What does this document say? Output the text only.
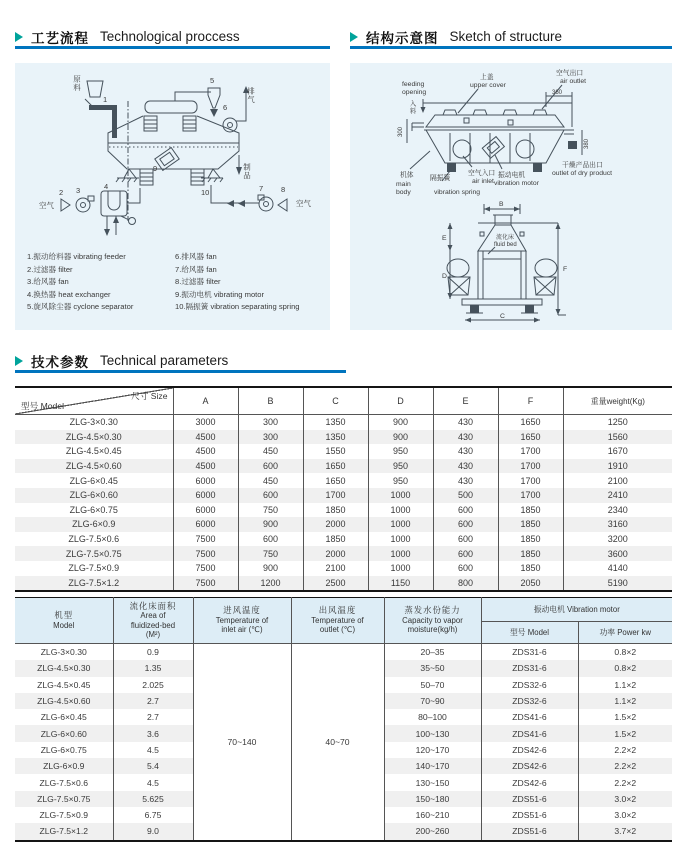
工艺流程 Technological proccess	结构示意图 Sketch of structure
原料
1
9
5
6
排气
10
空气
2 3	4
空气
8
7
制品
1.振动给料器 vibrating feeder
2.过滤器 filter
3.给风器 fan
4.换热器 heat exchanger
5.旋风除尘器 cyclone separator
6.排风器 fan
7.给风器 fan
8.过滤器 filter
9.振动电机 vibrating motor
10.隔振簧 vibration separating spring
feeding
opening
入料
上盖
upper cover
空气出口
air outlet
360
300
380
机体
main
body
隔振簧
vibration spring
空气入口
air inlet
振动电机
vibration motor
干燥产品出口
outlet of dry product
B
流化床
fluid bed
E
D
F
C
技术参数 Technical parameters
尺寸 Size
型号 Model	A	B	C	D	E	F	重量weight(Kg)
ZLG-3×0.30	3000	300	1350	900	430	1650	1250
ZLG-4.5×0.30	4500	300	1350	900	430	1650	1560
ZLG-4.5×0.45	4500	450	1550	950	430	1700	1670
ZLG-4.5×0.60	4500	600	1650	950	430	1700	1910
ZLG-6×0.45	6000	450	1650	950	430	1700	2100
ZLG-6×0.60	6000	600	1700	1000	500	1700	2410
ZLG-6×0.75	6000	750	1850	1000	600	1850	2340
ZLG-6×0.9	6000	900	2000	1000	600	1850	3160
ZLG-7.5×0.6	7500	600	1850	1000	600	1850	3200
ZLG-7.5×0.75	7500	750	2000	1000	600	1850	3600
ZLG-7.5×0.9	7500	900	2100	1000	600	1850	4140
ZLG-7.5×1.2	7500	1200	2500	1150	800	2050	5190
机型
Model

流化床面积
Area of
fluidized-bed
(M²)

进风温度
Temperature of
inlet air (℃)

出风温度
Temperature of
outlet (℃)

蒸发水份能力
Capacity to vapor
moisture(kg/h)
	振动电机 Vibration motor
					型号 Model	功率 Power kw
ZLG-3×0.30	0.9	70~140	40~70	20–35	ZDS31-6	0.8×2
ZLG-4.5×0.30	1.35			35~50	ZDS31-6	0.8×2
ZLG-4.5×0.45	2.025			50–70	ZDS32-6	1.1×2
ZLG-4.5×0.60	2.7			70~90	ZDS32-6	1.1×2
ZLG-6×0.45	2.7			80–100	ZDS41-6	1.5×2
ZLG-6×0.60	3.6			100~130	ZDS41-6	1.5×2
ZLG-6×0.75	4.5			120~170	ZDS42-6	2.2×2
ZLG-6×0.9	5.4			140~170	ZDS42-6	2.2×2
ZLG-7.5×0.6	4.5			130~150	ZDS42-6	2.2×2
ZLG-7.5×0.75	5.625			150~180	ZDS51-6	3.0×2
ZLG-7.5×0.9	6.75			160~210	ZDS51-6	3.0×2
ZLG-7.5×1.2	9.0			200~260	ZDS51-6	3.7×2
